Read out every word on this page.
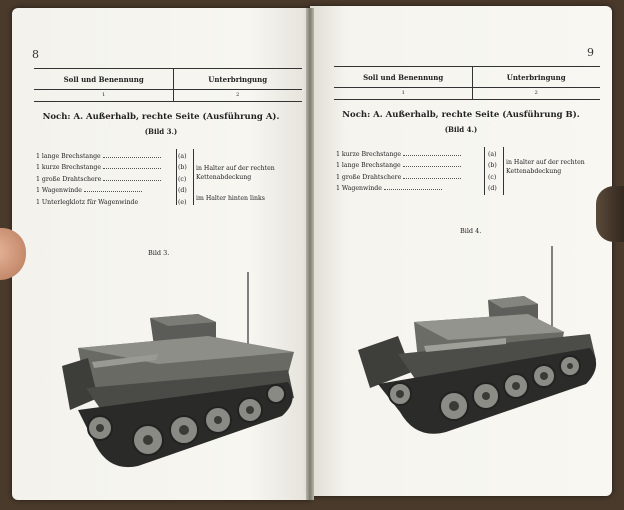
8
Soll und Benennung
1
Unterbringung
2
Noch: A. Außerhalb, rechte Seite (Ausführung A).
(Bild 3.)
1 lange Brechstange
1 kurze Brechstange
1 große Drahtschere
1 Wagenwinde
1 Unterlegklotz für Wagenwinde
(a)
(b)
(c)
(d)
(e)
in Halter auf der rechten Kettenabdeckung
im Halter hinten links
Bild 3.
9
Soll und Benennung
1
Unterbringung
2
Noch: A. Außerhalb, rechte Seite (Ausführung B).
(Bild 4.)
1 kurze Brechstange
1 lange Brechstange
1 große Drahtschere
1 Wagenwinde
(a)
(b)
(c)
(d)
in Halter auf der rechten Kettenabdeckung
Bild 4.
